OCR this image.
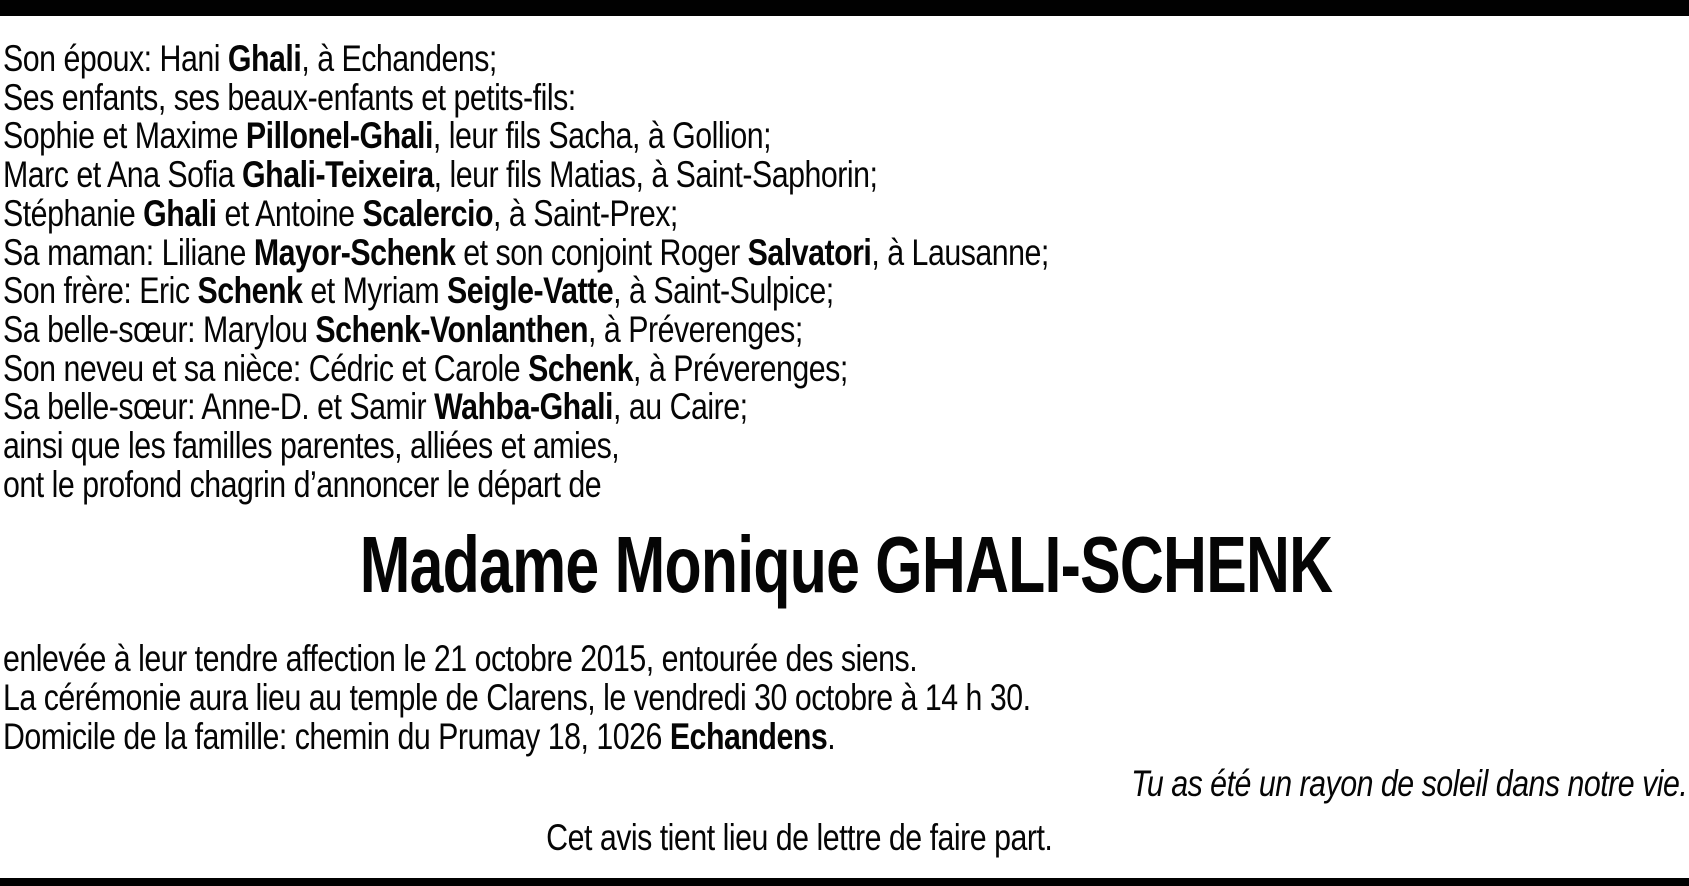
Son époux: Hani Ghali, à Echandens;
Ses enfants, ses beaux-enfants et petits-fils:
Sophie et Maxime Pillonel-Ghali, leur fils Sacha, à Gollion;
Marc et Ana Sofia Ghali-Teixeira, leur fils Matias, à Saint-Saphorin;
Stéphanie Ghali et Antoine Scalercio, à Saint-Prex;
Sa maman: Liliane Mayor-Schenk et son conjoint Roger Salvatori, à Lausanne;
Son frère: Eric Schenk et Myriam Seigle-Vatte, à Saint-Sulpice;
Sa belle-sœur: Marylou Schenk-Vonlanthen, à Préverenges;
Son neveu et sa nièce: Cédric et Carole Schenk, à Préverenges;
Sa belle-sœur: Anne-D. et Samir Wahba-Ghali, au Caire;
ainsi que les familles parentes, alliées et amies,
ont le profond chagrin d’annoncer le départ de
Madame Monique GHALI-SCHENK
enlevée à leur tendre affection le 21 octobre 2015, entourée des siens.
La cérémonie aura lieu au temple de Clarens, le vendredi 30 octobre à 14 h 30.
Domicile de la famille: chemin du Prumay 18, 1026 Echandens.

Tu as été un rayon de soleil dans notre vie.

Cet avis tient lieu de lettre de faire part.
